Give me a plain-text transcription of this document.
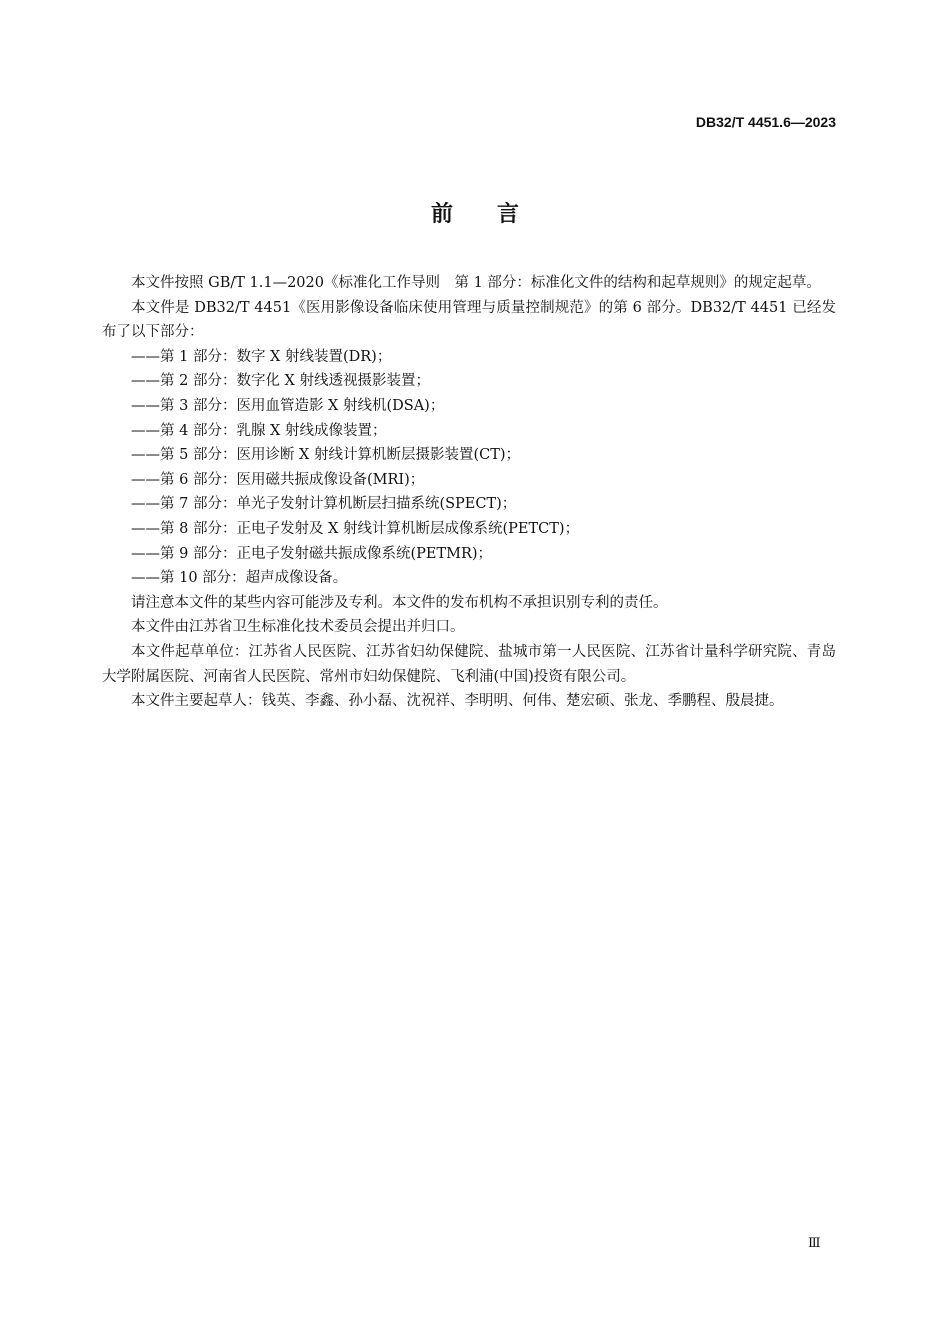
DB32/T 4451.6—2023
前言

本文件按照 GB/T 1.1—2020《标准化工作导则　第 1 部分：标准化文件的结构和起草规则》的规定起草。

本文件是 DB32/T 4451《医用影像设备临床使用管理与质量控制规范》的第 6 部分。DB32/T 4451 已经发布了以下部分：

——第 1 部分：数字 X 射线装置(DR)；

——第 2 部分：数字化 X 射线透视摄影装置；

——第 3 部分：医用血管造影 X 射线机(DSA)；

——第 4 部分：乳腺 X 射线成像装置；

——第 5 部分：医用诊断 X 射线计算机断层摄影装置(CT)；

——第 6 部分：医用磁共振成像设备(MRI)；

——第 7 部分：单光子发射计算机断层扫描系统(SPECT)；

——第 8 部分：正电子发射及 X 射线计算机断层成像系统(PETCT)；

——第 9 部分：正电子发射磁共振成像系统(PETMR)；

——第 10 部分：超声成像设备。

请注意本文件的某些内容可能涉及专利。本文件的发布机构不承担识别专利的责任。

本文件由江苏省卫生标准化技术委员会提出并归口。

本文件起草单位：江苏省人民医院、江苏省妇幼保健院、盐城市第一人民医院、江苏省计量科学研究院、青岛大学附属医院、河南省人民医院、常州市妇幼保健院、飞利浦(中国)投资有限公司。

本文件主要起草人：钱英、李鑫、孙小磊、沈祝祥、李明明、何伟、楚宏硕、张龙、季鹏程、殷晨捷。

Ⅲ
